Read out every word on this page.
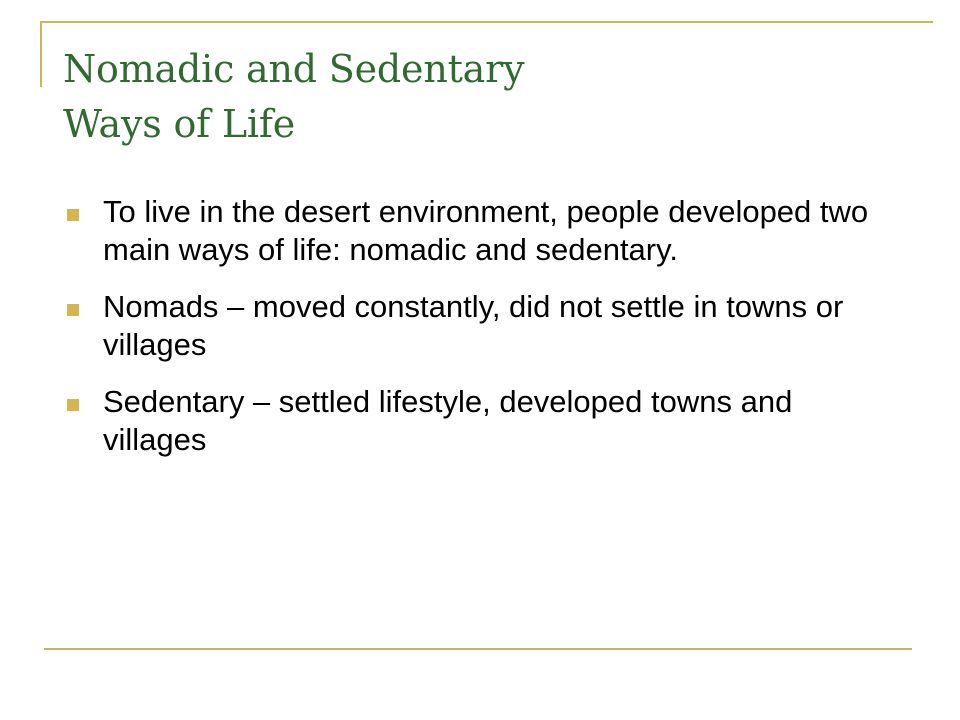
Nomadic and Sedentary
Ways of Life
To live in the desert environment, people developed two main ways of life: nomadic and sedentary.
Nomads – moved constantly, did not settle in towns or villages
Sedentary – settled lifestyle, developed towns and villages
